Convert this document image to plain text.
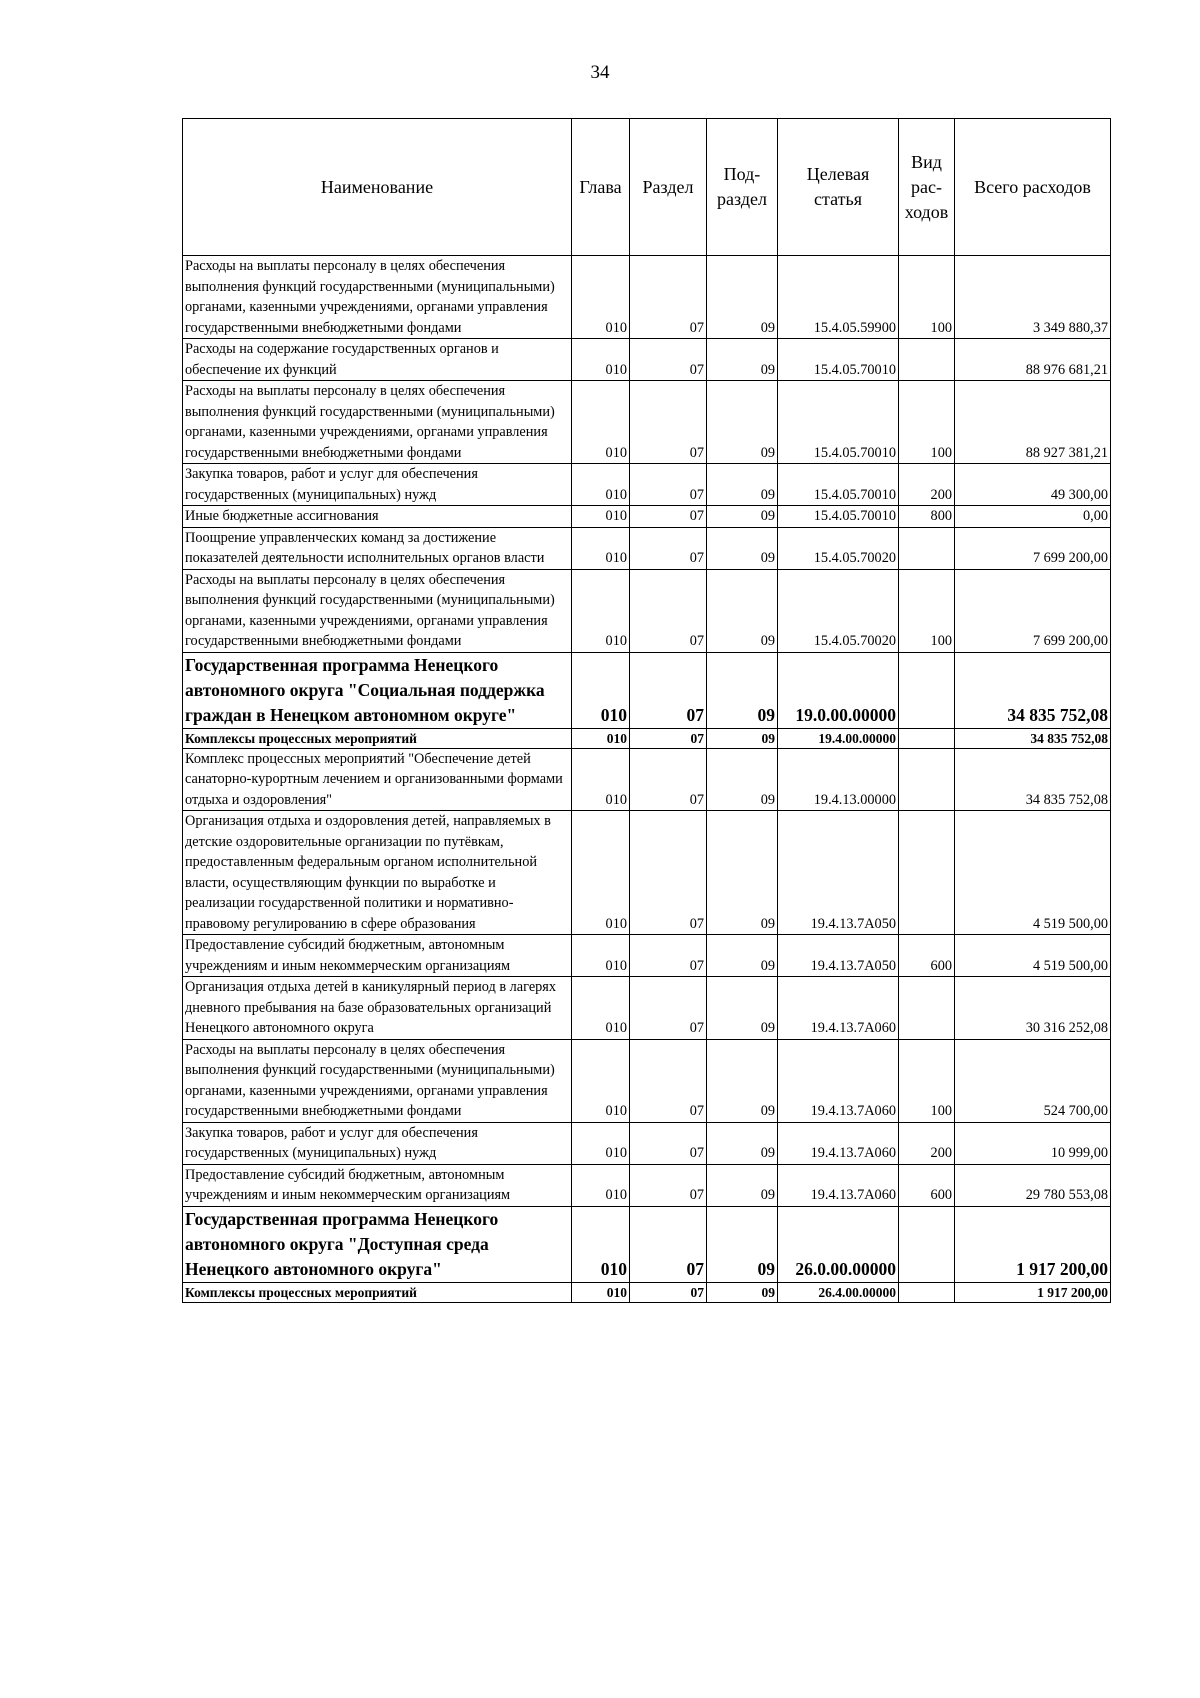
34
Наименование	Глава	Раздел	Под-раздел	Целевая статья	Вид рас-ходов	Всего расходов
Расходы на выплаты персоналу в целях обеспечения выполнения функций государственными (муниципальными) органами, казенными учреждениями, органами управления государственными внебюджетными фондами	010	07	09	15.4.05.59900	100	3 349 880,37
Расходы на содержание государственных органов и обеспечение их функций	010	07	09	15.4.05.70010		88 976 681,21
Расходы на выплаты персоналу в целях обеспечения выполнения функций государственными (муниципальными) органами, казенными учреждениями, органами управления государственными внебюджетными фондами	010	07	09	15.4.05.70010	100	88 927 381,21
Закупка товаров, работ и услуг для обеспечения государственных (муниципальных) нужд	010	07	09	15.4.05.70010	200	49 300,00
Иные бюджетные ассигнования	010	07	09	15.4.05.70010	800	0,00
Поощрение управленческих команд за достижение показателей деятельности исполнительных органов власти	010	07	09	15.4.05.70020		7 699 200,00
Расходы на выплаты персоналу в целях обеспечения выполнения функций государственными (муниципальными) органами, казенными учреждениями, органами управления государственными внебюджетными фондами	010	07	09	15.4.05.70020	100	7 699 200,00
Государственная программа Ненецкого автономного округа "Социальная поддержка граждан в Ненецком автономном округе"	010	07	09	19.0.00.00000		34 835 752,08
Комплексы процессных мероприятий	010	07	09	19.4.00.00000		34 835 752,08
Комплекс процессных мероприятий "Обеспечение детей санаторно-курортным лечением и организованными формами отдыха и оздоровления"	010	07	09	19.4.13.00000		34 835 752,08
Организация отдыха и оздоровления детей, направляемых в детские оздоровительные организации по путёвкам, предоставленным федеральным органом исполнительной власти, осуществляющим функции по выработке и реализации государственной политики и нормативно-правовому регулированию в сфере образования	010	07	09	19.4.13.7А050		4 519 500,00
Предоставление субсидий бюджетным, автономным учреждениям и иным некоммерческим организациям	010	07	09	19.4.13.7А050	600	4 519 500,00
Организация отдыха детей в каникулярный период в лагерях дневного пребывания на базе образовательных организаций Ненецкого автономного округа	010	07	09	19.4.13.7А060		30 316 252,08
Расходы на выплаты персоналу в целях обеспечения выполнения функций государственными (муниципальными) органами, казенными учреждениями, органами управления государственными внебюджетными фондами	010	07	09	19.4.13.7А060	100	524 700,00
Закупка товаров, работ и услуг для обеспечения государственных (муниципальных) нужд	010	07	09	19.4.13.7А060	200	10 999,00
Предоставление субсидий бюджетным, автономным учреждениям и иным некоммерческим организациям	010	07	09	19.4.13.7А060	600	29 780 553,08
Государственная программа Ненецкого автономного округа "Доступная среда Ненецкого автономного округа"	010	07	09	26.0.00.00000		1 917 200,00
Комплексы процессных мероприятий	010	07	09	26.4.00.00000		1 917 200,00
